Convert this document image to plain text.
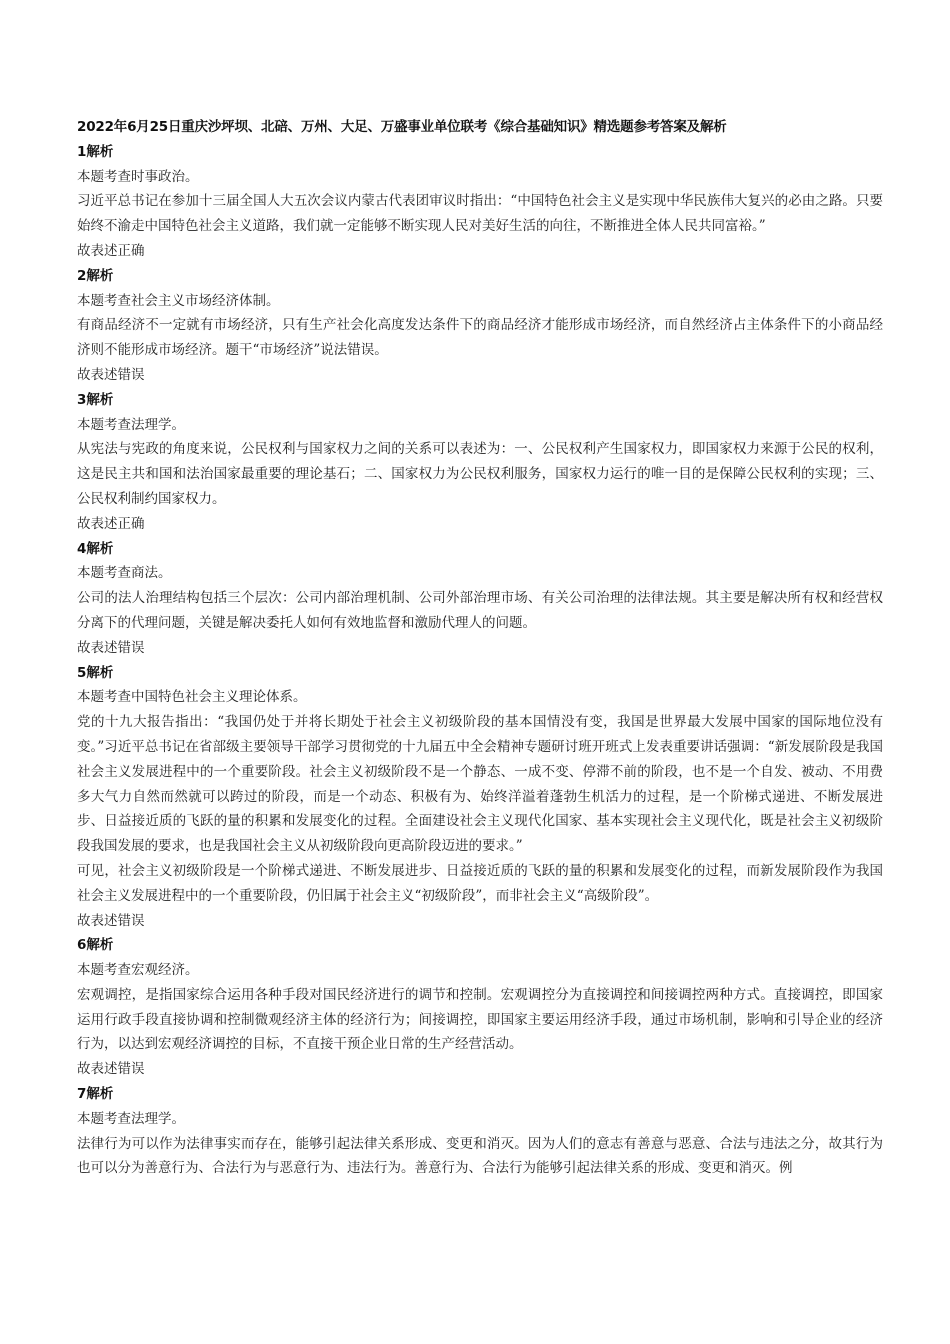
2022年6月25日重庆沙坪坝、北碚、万州、大足、万盛事业单位联考《综合基础知识》精选题参考答案及解析
1解析

本题考查时事政治。

习近平总书记在参加十三届全国人大五次会议内蒙古代表团审议时指出：“中国特色社会主义是实现中华民族伟大复兴的必由之路。只要始终不渝走中国特色社会主义道路，我们就一定能够不断实现人民对美好生活的向往，不断推进全体人民共同富裕。”

故表述正确

2解析

本题考查社会主义市场经济体制。

有商品经济不一定就有市场经济，只有生产社会化高度发达条件下的商品经济才能形成市场经济，而自然经济占主体条件下的小商品经济则不能形成市场经济。题干“市场经济”说法错误。

故表述错误

3解析

本题考查法理学。

从宪法与宪政的角度来说，公民权利与国家权力之间的关系可以表述为：一、公民权利产生国家权力，即国家权力来源于公民的权利，这是民主共和国和法治国家最重要的理论基石；二、国家权力为公民权利服务，国家权力运行的唯一目的是保障公民权利的实现；三、公民权利制约国家权力。

故表述正确

4解析

本题考查商法。

公司的法人治理结构包括三个层次：公司内部治理机制、公司外部治理市场、有关公司治理的法律法规。其主要是解决所有权和经营权分离下的代理问题，关键是解决委托人如何有效地监督和激励代理人的问题。

故表述错误

5解析

本题考查中国特色社会主义理论体系。

党的十九大报告指出：“我国仍处于并将长期处于社会主义初级阶段的基本国情没有变，我国是世界最大发展中国家的国际地位没有变。”习近平总书记在省部级主要领导干部学习贯彻党的十九届五中全会精神专题研讨班开班式上发表重要讲话强调：“新发展阶段是我国社会主义发展进程中的一个重要阶段。社会主义初级阶段不是一个静态、一成不变、停滞不前的阶段，也不是一个自发、被动、不用费多大气力自然而然就可以跨过的阶段，而是一个动态、积极有为、始终洋溢着蓬勃生机活力的过程，是一个阶梯式递进、不断发展进步、日益接近质的飞跃的量的积累和发展变化的过程。全面建设社会主义现代化国家、基本实现社会主义现代化，既是社会主义初级阶段我国发展的要求，也是我国社会主义从初级阶段向更高阶段迈进的要求。”

可见，社会主义初级阶段是一个阶梯式递进、不断发展进步、日益接近质的飞跃的量的积累和发展变化的过程，而新发展阶段作为我国社会主义发展进程中的一个重要阶段，仍旧属于社会主义“初级阶段”，而非社会主义“高级阶段”。

故表述错误

6解析

本题考查宏观经济。

宏观调控，是指国家综合运用各种手段对国民经济进行的调节和控制。宏观调控分为直接调控和间接调控两种方式。直接调控，即国家运用行政手段直接协调和控制微观经济主体的经济行为；间接调控，即国家主要运用经济手段，通过市场机制，影响和引导企业的经济行为，以达到宏观经济调控的目标，不直接干预企业日常的生产经营活动。

故表述错误

7解析

本题考查法理学。

法律行为可以作为法律事实而存在，能够引起法律关系形成、变更和消灭。因为人们的意志有善意与恶意、合法与违法之分，故其行为也可以分为善意行为、合法行为与恶意行为、违法行为。善意行为、合法行为能够引起法律关系的形成、变更和消灭。例
